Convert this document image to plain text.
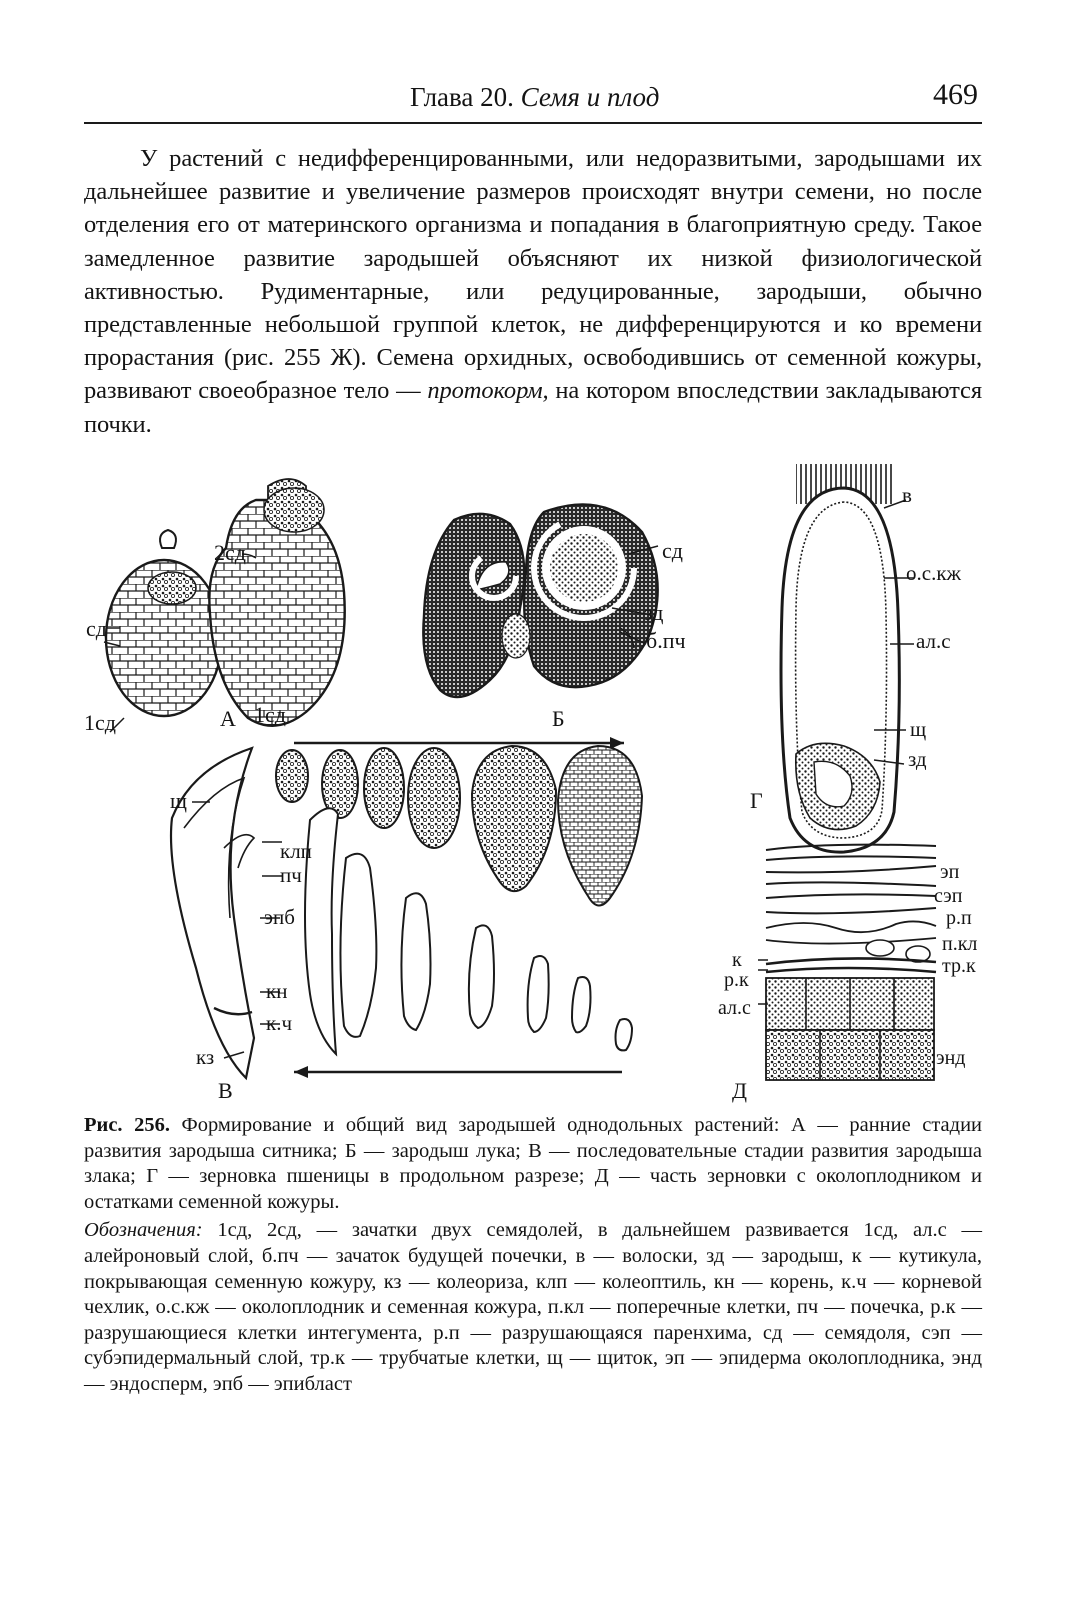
Глава 20. Семя и плод	469

У растений с недифференцированными, или недоразвитыми, зародышами их дальнейшее развитие и увеличение размеров происходят внутри семени, но после отделения его от материнского организма и попадания в благоприятную среду. Такое замедленное развитие зародышей объясняют их низкой физиологической активностью. Рудиментарные, или редуцированные, зародыши, обычно представленные небольшой группой клеток, не дифференцируются и ко времени прорастания (рис. 255 Ж). Семена орхидных, освободившись от семенной кожуры, развивают своеобразное тело — протокорм, на котором впоследствии закладываются почки.

сд
2сд
1сд	1сд
А
сд
зд
б.пч
Б
в
о.с.кж
ал.с
щ
зд
Г
щ
клп
пч
эпб
кн
к.ч
кз
В
эп
сэп
р.п
п.кл
тр.к
к
р.к
ал.с
энд
Д

Рис. 256. Формирование и общий вид зародышей однодольных растений: А — ранние стадии развития зародыша ситника; Б — зародыш лука; В — последовательные стадии развития зародыша злака; Г — зерновка пшеницы в продольном разрезе; Д — часть зерновки с околоплодником и остатками семенной кожуры.

Обозначения: 1сд, 2сд, — зачатки двух семядолей, в дальнейшем развивается 1сд, ал.с — алейроновый слой, б.пч — зачаток будущей почечки, в — волоски, зд — зародыш, к — кутикула, покрывающая семенную кожуру, кз — колеориза, клп — колеоптиль, кн — корень, к.ч — корневой чехлик, о.с.кж — околоплодник и семенная кожура, п.кл — поперечные клетки, пч — почечка, р.к — разрушающиеся клетки интегумента, р.п — разрушающаяся паренхима, сд — семядоля, сэп — субэпидермальный слой, тр.к — трубчатые клетки, щ — щиток, эп — эпидерма околоплодника, энд — эндосперм, эпб — эпибласт
